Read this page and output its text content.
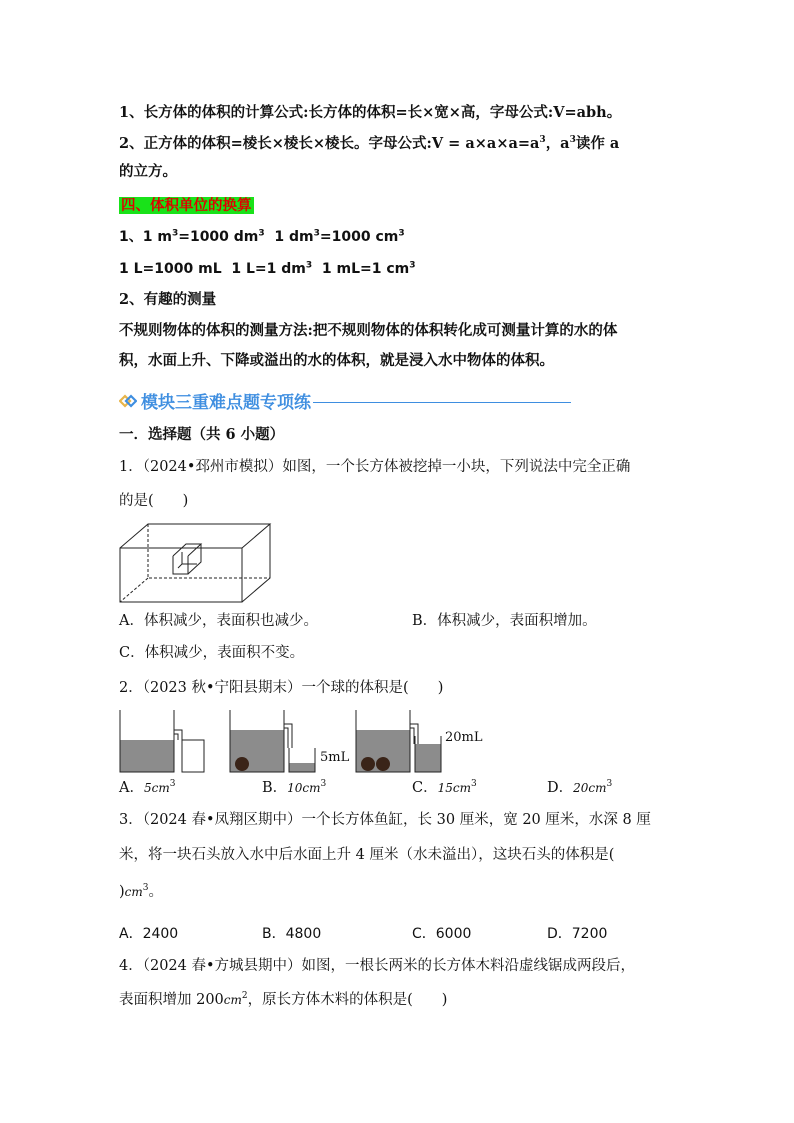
1、长方体的体积的计算公式:长方体的体积=长×宽×高，字母公式:V=abh。
2、正方体的体积=棱长×棱长×棱长。字母公式:V = $a\times a\times a=a^3$，$a^3$读作 a
的立方。
四、体积单位的换算
1、1 $m^3=1000$ $dm^3$  1 $dm^3=1000$ $cm^3$
1 L=1000 mL  1 L=1 $dm^3$  1 mL=1 $cm^3$
2、有趣的测量
不规则物体的体积的测量方法:把不规则物体的体积转化成可测量计算的水的体
积，水面上升、下降或溢出的水的体积，就是浸入水中物体的体积。
模块三重难点题专项练
一．选择题（共 6 小题）
1．（2024•邳州市模拟）如图，一个长方体被挖掉一小块，下列说法中完全正确
的是(　　)
A．体积减少，表面积也减少。	B．体积减少，表面积增加。
C．体积减少，表面积不变。
2．（2023 秋•宁阳县期末）一个球的体积是(　　)
5mL
20mL
A．$5cm^3$	B．$10cm^3$	C．$15cm^3$	D．$20cm^3$
3．（2024 春•凤翔区期中）一个长方体鱼缸，长 30 厘米，宽 20 厘米，水深 8 厘
米，将一块石头放入水中后水面上升 4 厘米（水未溢出），这块石头的体积是(
)$cm^3$。
A．2400	B．4800	C．6000	D．7200
4．（2024 春•方城县期中）如图，一根长两米的长方体木料沿虚线锯成两段后，
表面积增加 $200cm^2$，原长方体木料的体积是(　　)
